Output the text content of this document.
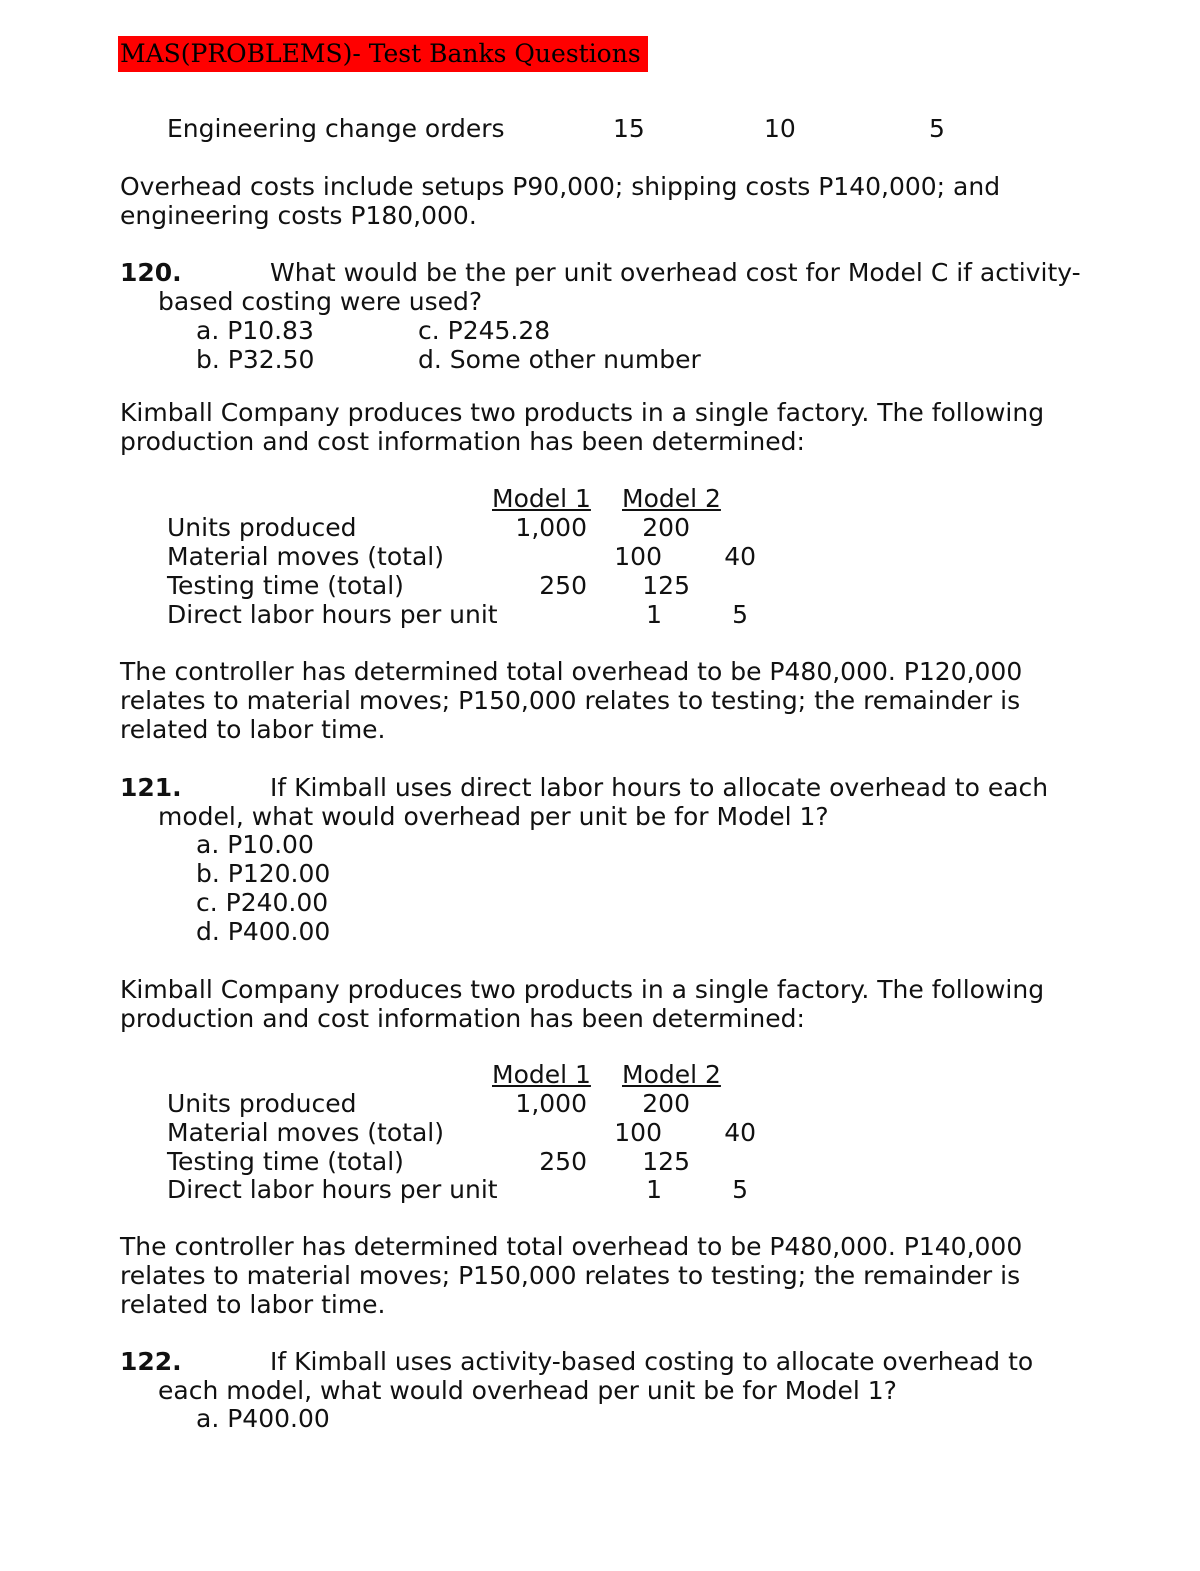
MAS(PROBLEMS)- Test Banks Questions
Engineering change orders	15	10	5
Overhead costs include setups P90,000; shipping costs P140,000; and
engineering costs P180,000.
120.	What would be the per unit overhead cost for Model C if activity-
based costing were used?
a. P10.83	c. P245.28
b. P32.50	d. Some other number
Kimball Company produces two products in a single factory. The following
production and cost information has been determined:
Model 1 Model 2
Units produced	1,000	200
Material moves (total)	100	40
Testing time (total)	250	125
Direct labor hours per unit	1	5
The controller has determined total overhead to be P480,000. P120,000
relates to material moves; P150,000 relates to testing; the remainder is
related to labor time.
121.	If Kimball uses direct labor hours to allocate overhead to each
model, what would overhead per unit be for Model 1?
a. P10.00
b. P120.00
c. P240.00
d. P400.00
Kimball Company produces two products in a single factory. The following
production and cost information has been determined:
Model 1 Model 2
Units produced	1,000	200
Material moves (total)	100	40
Testing time (total)	250	125
Direct labor hours per unit	1	5
The controller has determined total overhead to be P480,000. P140,000
relates to material moves; P150,000 relates to testing; the remainder is
related to labor time.
122.	If Kimball uses activity-based costing to allocate overhead to
each model, what would overhead per unit be for Model 1?
a. P400.00
